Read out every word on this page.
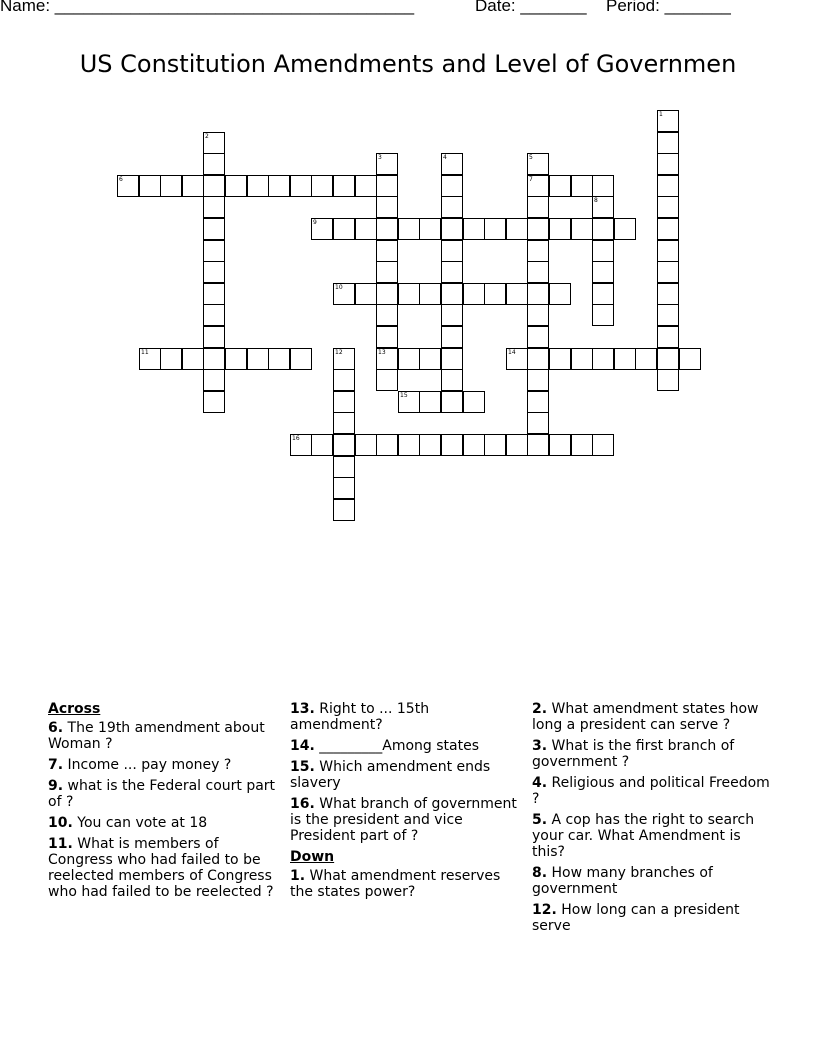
Name: ______________________________________	Date: _______ Period: _______
US Constitution Amendments and Level of Governmen
1
2
3
13
4	5
7
6
8
9
10
11	12	14
15
16
Across
6. The 19th amendment about Woman ?
7. Income ... pay money ?
9. what is the Federal court part of ?
10. You can vote at 18
11. What is members of Congress who had failed to be reelected members of Congress who had failed to be reelected ?
13. Right to ... 15th amendment?
14. _________Among states
15. Which amendment ends slavery
16. What branch of government is the president and vice President part of ?
Down
1. What amendment reserves the states power?
2. What amendment states how long a president can serve ?
3. What is the first branch of government ?
4. Religious and political Freedom ?
5. A cop has the right to search your car. What Amendment is this?
8. How many branches of government
12. How long can a president serve
